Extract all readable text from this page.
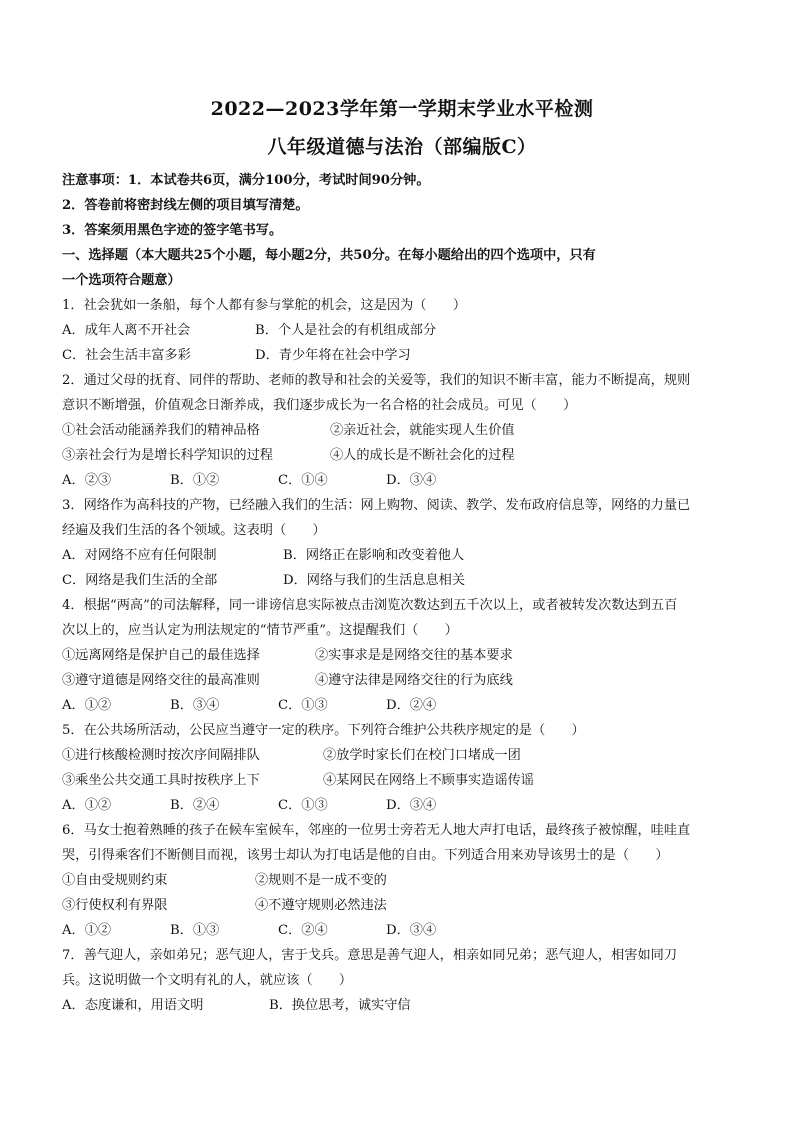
2022—2023学年第一学期末学业水平检测
八年级道德与法治（部编版C）
注意事项：1．本试卷共6页，满分100分，考试时间90分钟。
2．答卷前将密封线左侧的项目填写清楚。
3．答案须用黑色字迹的签字笔书写。
一、选择题（本大题共25个小题，每小题2分，共50分。在每小题给出的四个选项中，只有
一个选项符合题意）
1．社会犹如一条船，每个人都有参与掌舵的机会，这是因为（　　）
A．成年人离不开社会	B．个人是社会的有机组成部分
C．社会生活丰富多彩	D．青少年将在社会中学习
2．通过父母的抚育、同伴的帮助、老师的教导和社会的关爱等，我们的知识不断丰富，能力不断提高，规则
意识不断增强，价值观念日渐养成，我们逐步成长为一名合格的社会成员。可见（　　）
①社会活动能涵养我们的精神品格	②亲近社会，就能实现人生价值
③亲社会行为是增长科学知识的过程	④人的成长是不断社会化的过程
A．②③	B．①②	C．①④	D．③④
3．网络作为高科技的产物，已经融入我们的生活：网上购物、阅读、教学、发布政府信息等，网络的力量已
经遍及我们生活的各个领域。这表明（　　）
A．对网络不应有任何限制	B．网络正在影响和改变着他人
C．网络是我们生活的全部	D．网络与我们的生活息息相关
4．根据“两高”的司法解释，同一诽谤信息实际被点击浏览次数达到五千次以上，或者被转发次数达到五百
次以上的，应当认定为刑法规定的“情节严重”。这提醒我们（　　）
①远离网络是保护自己的最佳选择	②实事求是是网络交往的基本要求
③遵守道德是网络交往的最高准则	④遵守法律是网络交往的行为底线
A．①②	B．③④	C．①③	D．②④
5．在公共场所活动，公民应当遵守一定的秩序。下列符合维护公共秩序规定的是（　　）
①进行核酸检测时按次序间隔排队	②放学时家长们在校门口堵成一团
③乘坐公共交通工具时按秩序上下	④某网民在网络上不顾事实造谣传谣
A．①②	B．②④	C．①③	D．③④
6．马女士抱着熟睡的孩子在候车室候车，邻座的一位男士旁若无人地大声打电话，最终孩子被惊醒，哇哇直
哭，引得乘客们不断侧目而视，该男士却认为打电话是他的自由。下列适合用来劝导该男士的是（　　）
①自由受规则约束	②规则不是一成不变的
③行使权利有界限	④不遵守规则必然违法
A．①②	B．①③	C．②④	D．③④
7．善气迎人，亲如弟兄；恶气迎人，害于戈兵。意思是善气迎人，相亲如同兄弟；恶气迎人，相害如同刀
兵。这说明做一个文明有礼的人，就应该（　　）
A．态度谦和，用语文明	B．换位思考，诚实守信
